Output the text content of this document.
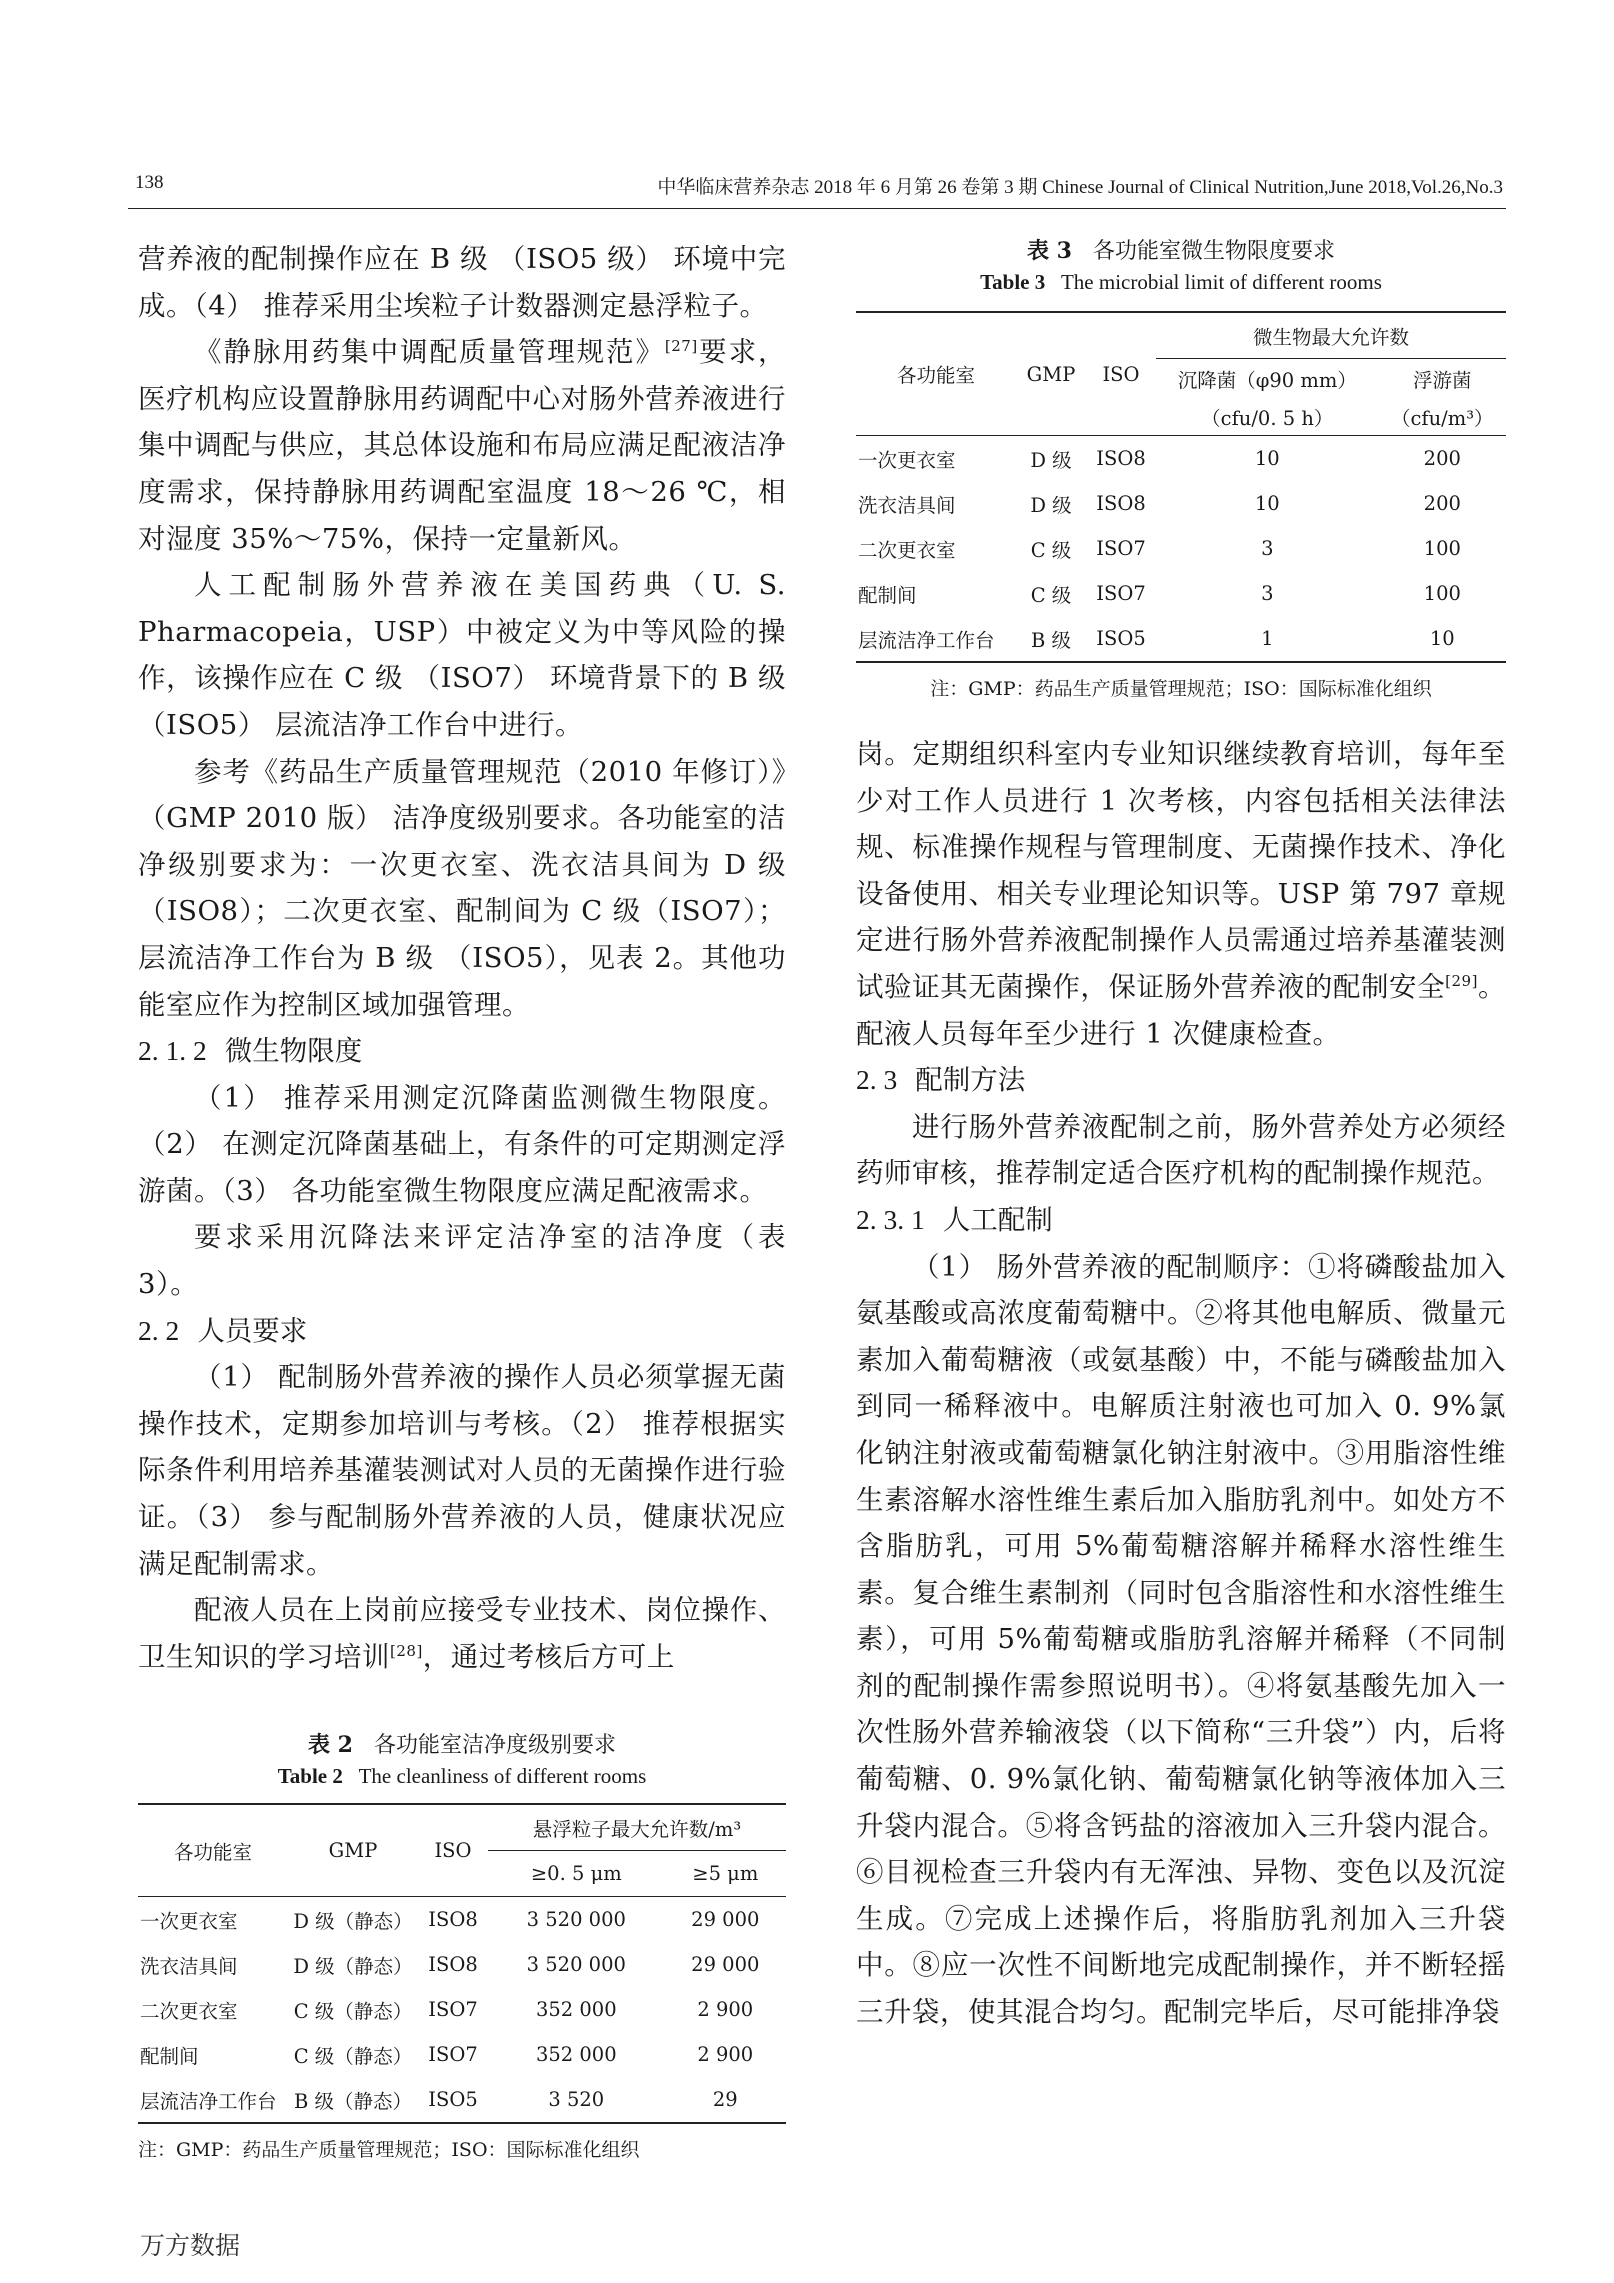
138	中华临床营养杂志 2018 年 6 月第 26 卷第 3 期 Chinese Journal of Clinical Nutrition,June 2018,Vol.26,No.3

营养液的配制操作应在 B 级 （ISO5 级） 环境中完成。（4） 推荐采用尘埃粒子计数器测定悬浮粒子。

《静脉用药集中调配质量管理规范》[27]要求，医疗机构应设置静脉用药调配中心对肠外营养液进行集中调配与供应，其总体设施和布局应满足配液洁净度需求，保持静脉用药调配室温度 18～26 ℃，相对湿度 35%～75%，保持一定量新风。

人工配制肠外营养液在美国药典（U. S. Pharmacopeia，USP）中被定义为中等风险的操作，该操作应在 C 级 （ISO7） 环境背景下的 B 级 （ISO5） 层流洁净工作台中进行。

参考《药品生产质量管理规范（2010 年修订）》（GMP 2010 版） 洁净度级别要求。各功能室的洁净级别要求为：一次更衣室、洗衣洁具间为 D 级 （ISO8）；二次更衣室、配制间为 C 级（ISO7）；层流洁净工作台为 B 级 （ISO5），见表 2。其他功能室应作为控制区域加强管理。

2. 1. 2 微生物限度

（1） 推荐采用测定沉降菌监测微生物限度。（2） 在测定沉降菌基础上，有条件的可定期测定浮游菌。（3） 各功能室微生物限度应满足配液需求。

要求采用沉降法来评定洁净室的洁净度（表 3）。

2. 2 人员要求

（1） 配制肠外营养液的操作人员必须掌握无菌操作技术，定期参加培训与考核。（2） 推荐根据实际条件利用培养基灌装测试对人员的无菌操作进行验证。（3） 参与配制肠外营养液的人员，健康状况应满足配制需求。

配液人员在上岗前应接受专业技术、岗位操作、卫生知识的学习培训[28]，通过考核后方可上

表 2 各功能室洁净度级别要求

Table 2 The cleanliness of different rooms

各功能室	GMP	ISO	悬浮粒子最大允许数/m³	
			≥0. 5 μm	≥5 μm
一次更衣室	D 级（静态）	ISO8	3 520 000	29 000
洗衣洁具间	D 级（静态）	ISO8	3 520 000	29 000
二次更衣室	C 级（静态）	ISO7	352 000	2 900
配制间	C 级（静态）	ISO7	352 000	2 900
层流洁净工作台	B 级（静态）	ISO5	3 520	29

注：GMP：药品生产质量管理规范；ISO：国际标准化组织

表 3 各功能室微生物限度要求

Table 3 The microbial limit of different rooms

各功能室	GMP	ISO	微生物最大允许数	
			沉降菌（φ90 mm）	浮游菌
			（cfu/0. 5 h）	（cfu/m³）
一次更衣室	D 级	ISO8	10	200
洗衣洁具间	D 级	ISO8	10	200
二次更衣室	C 级	ISO7	3	100
配制间	C 级	ISO7	3	100
层流洁净工作台	B 级	ISO5	1	10

注：GMP：药品生产质量管理规范；ISO：国际标准化组织

岗。定期组织科室内专业知识继续教育培训，每年至少对工作人员进行 1 次考核，内容包括相关法律法规、标准操作规程与管理制度、无菌操作技术、净化设备使用、相关专业理论知识等。USP 第 797 章规定进行肠外营养液配制操作人员需通过培养基灌装测试验证其无菌操作，保证肠外营养液的配制安全[29]。配液人员每年至少进行 1 次健康检查。

2. 3 配制方法

进行肠外营养液配制之前，肠外营养处方必须经药师审核，推荐制定适合医疗机构的配制操作规范。

2. 3. 1 人工配制

（1） 肠外营养液的配制顺序：①将磷酸盐加入氨基酸或高浓度葡萄糖中。②将其他电解质、微量元素加入葡萄糖液（或氨基酸）中，不能与磷酸盐加入到同一稀释液中。电解质注射液也可加入 0. 9%氯化钠注射液或葡萄糖氯化钠注射液中。③用脂溶性维生素溶解水溶性维生素后加入脂肪乳剂中。如处方不含脂肪乳，可用 5%葡萄糖溶解并稀释水溶性维生素。复合维生素制剂（同时包含脂溶性和水溶性维生素），可用 5%葡萄糖或脂肪乳溶解并稀释（不同制剂的配制操作需参照说明书）。④将氨基酸先加入一次性肠外营养输液袋（以下简称“三升袋”）内，后将葡萄糖、0. 9%氯化钠、葡萄糖氯化钠等液体加入三升袋内混合。⑤将含钙盐的溶液加入三升袋内混合。⑥目视检查三升袋内有无浑浊、异物、变色以及沉淀生成。⑦完成上述操作后，将脂肪乳剂加入三升袋中。⑧应一次性不间断地完成配制操作，并不断轻摇三升袋，使其混合均匀。配制完毕后，尽可能排净袋

万方数据
